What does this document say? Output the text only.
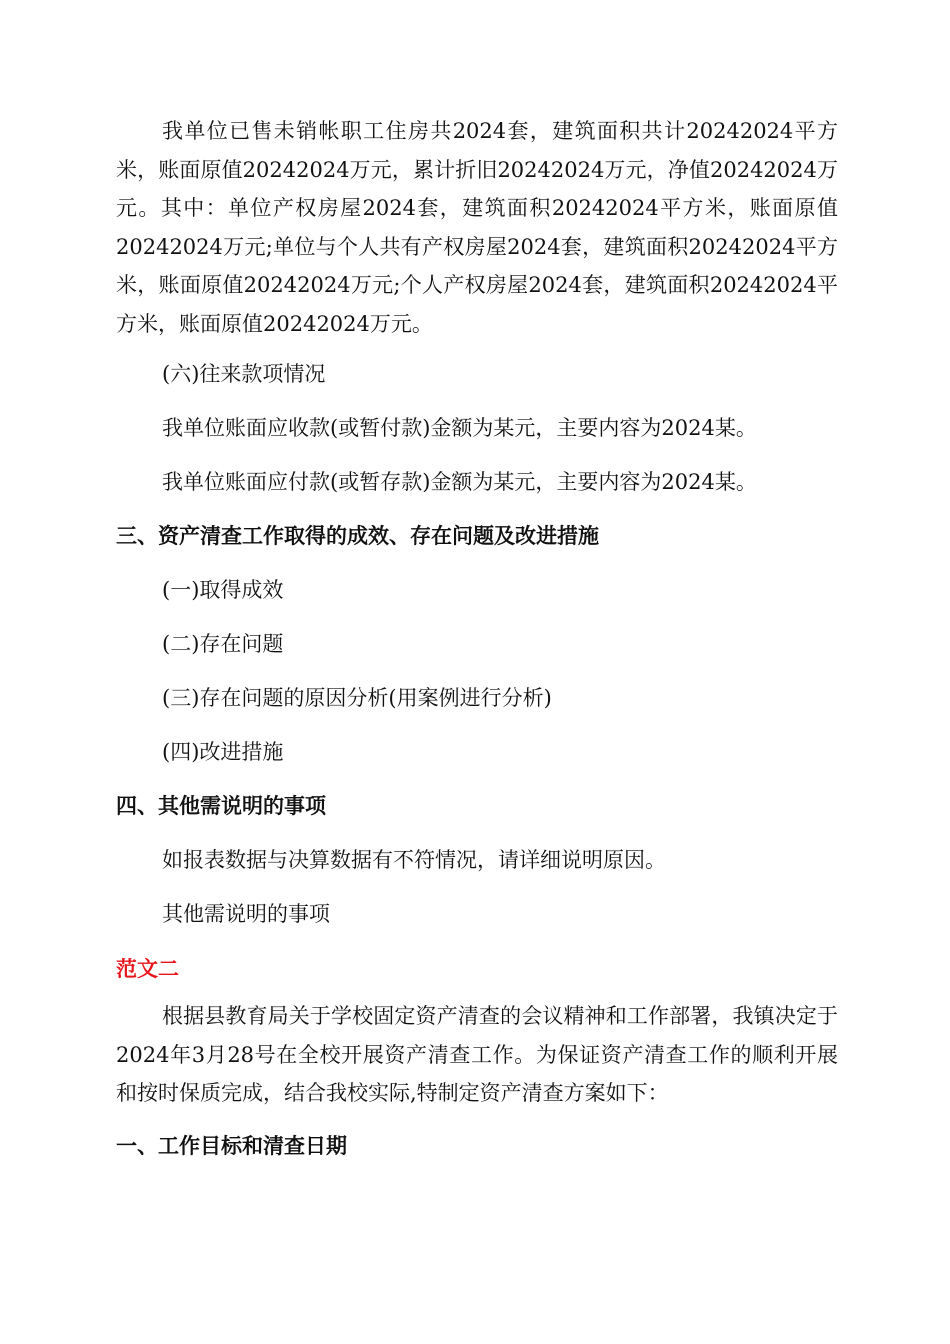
我单位已售未销帐职工住房共2024套，建筑面积共计20242024平方米，账面原值20242024万元，累计折旧20242024万元，净值20242024万元。其中：单位产权房屋2024套，建筑面积20242024平方米，账面原值20242024万元;单位与个人共有产权房屋2024套，建筑面积20242024平方米，账面原值20242024万元;个人产权房屋2024套，建筑面积20242024平方米，账面原值20242024万元。

(六)往来款项情况

我单位账面应收款(或暂付款)金额为某元，主要内容为2024某。

我单位账面应付款(或暂存款)金额为某元，主要内容为2024某。

三、资产清查工作取得的成效、存在问题及改进措施

(一)取得成效

(二)存在问题

(三)存在问题的原因分析(用案例进行分析)

(四)改进措施

四、其他需说明的事项

如报表数据与决算数据有不符情况，请详细说明原因。

其他需说明的事项

范文二

根据县教育局关于学校固定资产清查的会议精神和工作部署，我镇决定于2024年3月28号在全校开展资产清查工作。为保证资产清查工作的顺利开展和按时保质完成，结合我校实际,特制定资产清查方案如下：

一、工作目标和清查日期
